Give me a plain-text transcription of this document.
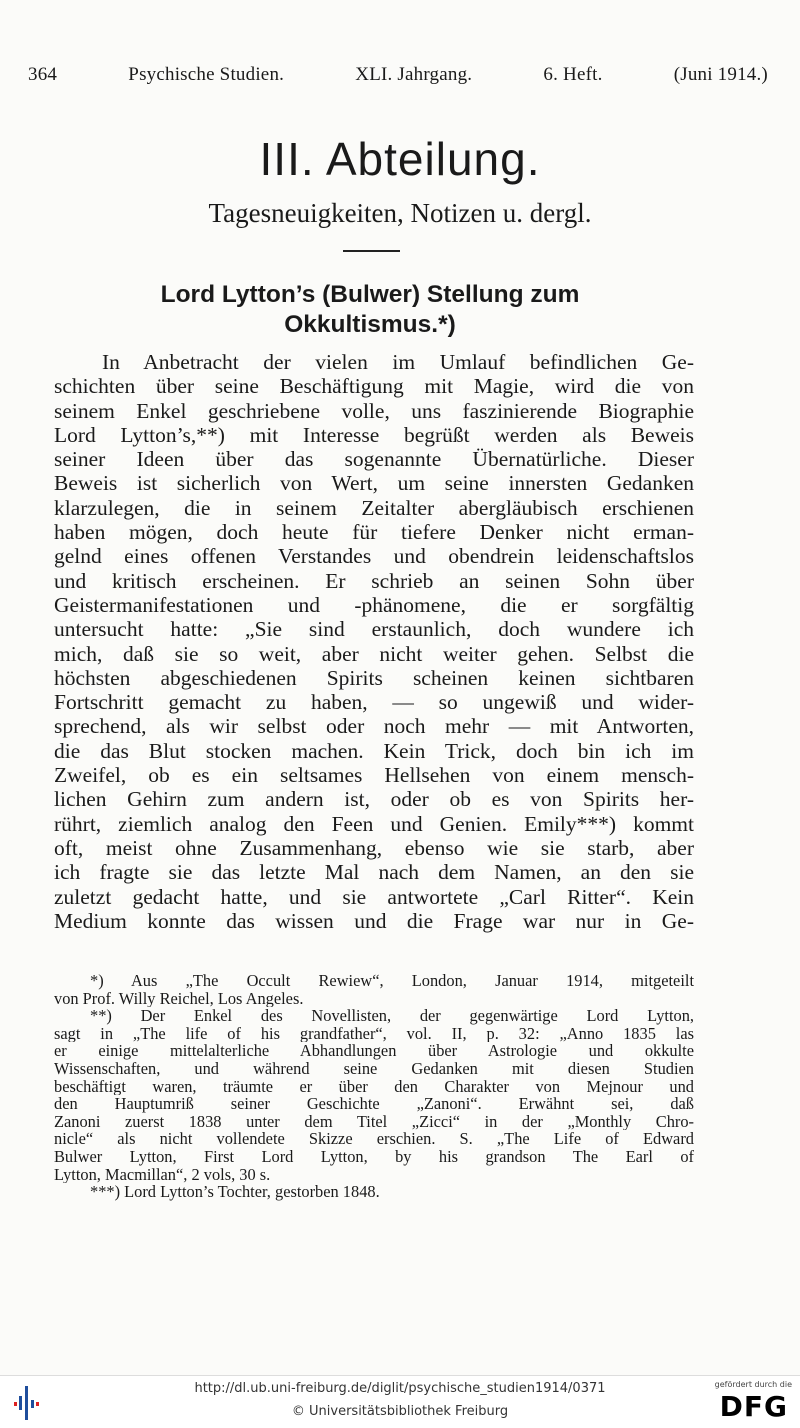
364	Psychische Studien.	XLI. Jahrgang.	6. Heft.	(Juni 1914.)
III. Abteilung.
Tagesneuigkeiten, Notizen u. dergl.
Lord Lytton’s (Bulwer) Stellung zum
Okkultismus.*)
In Anbetracht der vielen im Umlauf befindlichen Ge-
schichten über seine Beschäftigung mit Magie, wird die von
seinem Enkel geschriebene volle, uns faszinierende Biographie
Lord Lytton’s,**) mit Interesse begrüßt werden als Beweis
seiner Ideen über das sogenannte Übernatürliche. Dieser
Beweis ist sicherlich von Wert, um seine innersten Gedanken
klarzulegen, die in seinem Zeitalter abergläubisch erschienen
haben mögen, doch heute für tiefere Denker nicht erman-
gelnd eines offenen Verstandes und obendrein leidenschaftslos
und kritisch erscheinen. Er schrieb an seinen Sohn über
Geistermanifestationen und -phänomene, die er sorgfältig
untersucht hatte: „Sie sind erstaunlich, doch wundere ich
mich, daß sie so weit, aber nicht weiter gehen. Selbst die
höchsten abgeschiedenen Spirits scheinen keinen sichtbaren
Fortschritt gemacht zu haben, — so ungewiß und wider-
sprechend, als wir selbst oder noch mehr — mit Antworten,
die das Blut stocken machen. Kein Trick, doch bin ich im
Zweifel, ob es ein seltsames Hellsehen von einem mensch-
lichen Gehirn zum andern ist, oder ob es von Spirits her-
rührt, ziemlich analog den Feen und Genien. Emily***) kommt
oft, meist ohne Zusammenhang, ebenso wie sie starb, aber
ich fragte sie das letzte Mal nach dem Namen, an den sie
zuletzt gedacht hatte, und sie antwortete „Carl Ritter“. Kein
Medium konnte das wissen und die Frage war nur in Ge-
*) Aus „The Occult Rewiew“, London, Januar 1914, mitgeteilt
von Prof. Willy Reichel, Los Angeles.
**) Der Enkel des Novellisten, der gegenwärtige Lord Lytton,
sagt in „The life of his grandfather“, vol. II, p. 32: „Anno 1835 las
er einige mittelalterliche Abhandlungen über Astrologie und okkulte
Wissenschaften, und während seine Gedanken mit diesen Studien
beschäftigt waren, träumte er über den Charakter von Mejnour und
den Hauptumriß seiner Geschichte „Zanoni“. Erwähnt sei, daß
Zanoni zuerst 1838 unter dem Titel „Zicci“ in der „Monthly Chro-
nicle“ als nicht vollendete Skizze erschien. S. „The Life of Edward
Bulwer Lytton, First Lord Lytton, by his grandson The Earl of
Lytton, Macmillan“, 2 vols, 30 s.
***) Lord Lytton’s Tochter, gestorben 1848.
http://dl.ub.uni-freiburg.de/diglit/psychische_studien1914/0371
© Universitätsbibliothek Freiburg
gefördert durch die
DFG
